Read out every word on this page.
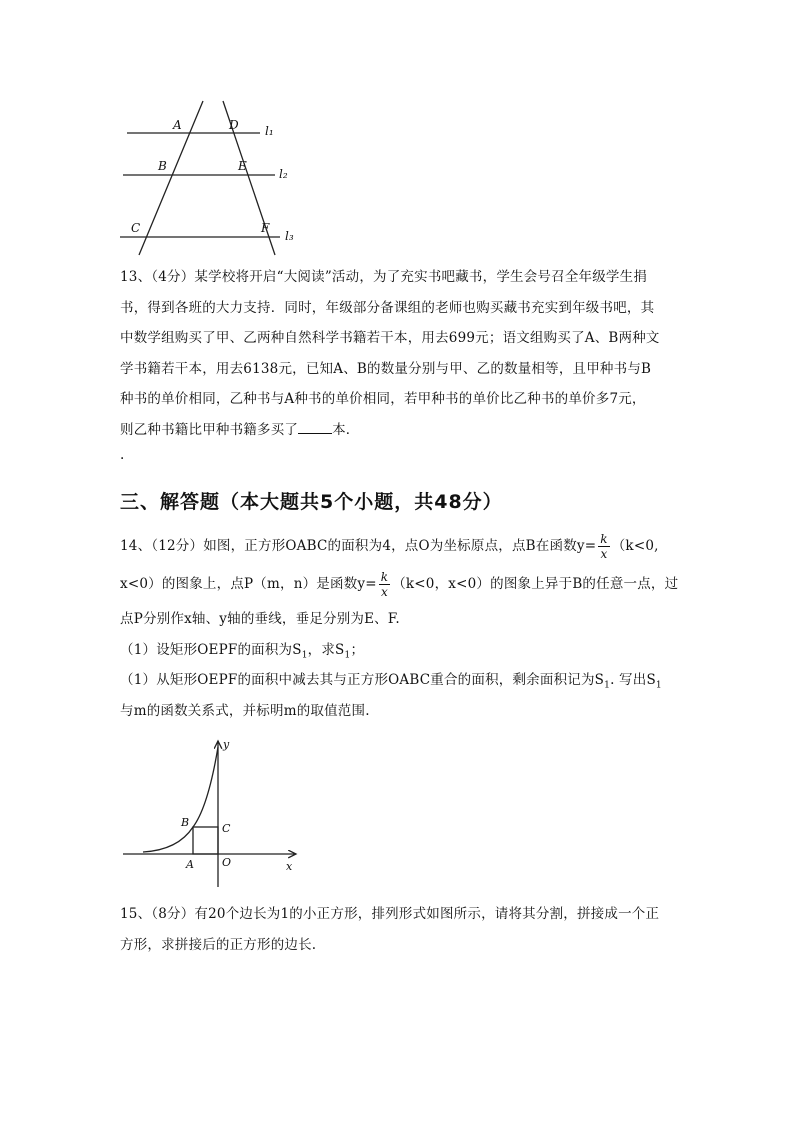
A	D l₁
B	E
l₂
C	F
l₃
13、（4分）某学校将开启“大阅读”活动，为了充实书吧藏书，学生会号召全年级学生捐
书，得到各班的大力支持．同时，年级部分备课组的老师也购买藏书充实到年级书吧，其
中数学组购买了甲、乙两种自然科学书籍若干本，用去699元；语文组购买了A、B两种文
学书籍若干本，用去6138元，已知A、B的数量分别与甲、乙的数量相等，且甲种书与B
种书的单价相同，乙种书与A种书的单价相同，若甲种书的单价比乙种书的单价多7元，
则乙种书籍比甲种书籍多买了	本．
.
三、解答题（本大题共5个小题，共48分）
14、（12分）如图，正方形OABC的面积为4，点O为坐标原点，点B在函数$y= \frac{k}{x} (k<0$,
x<0）的图象上，点P（m，n）是函数$y= \frac{k}{x} (k<0$，x<0）的图象上异于B的任意一点，过
点P分别作x轴、y轴的垂线，垂足分别为E、F.
（1）设矩形OEPF的面积为$S_1$，求$S_1$；
（1）从矩形OEPF的面积中减去其与正方形OABC重合的面积，剩余面积记为$S_1$. 写出$S_1$
与m的函数关系式，并标明m的取值范围.
y
x
B	C
A	O
15、（8分）有20个边长为1的小正方形，排列形式如图所示，请将其分割，拼接成一个正
方形，求拼接后的正方形的边长.
